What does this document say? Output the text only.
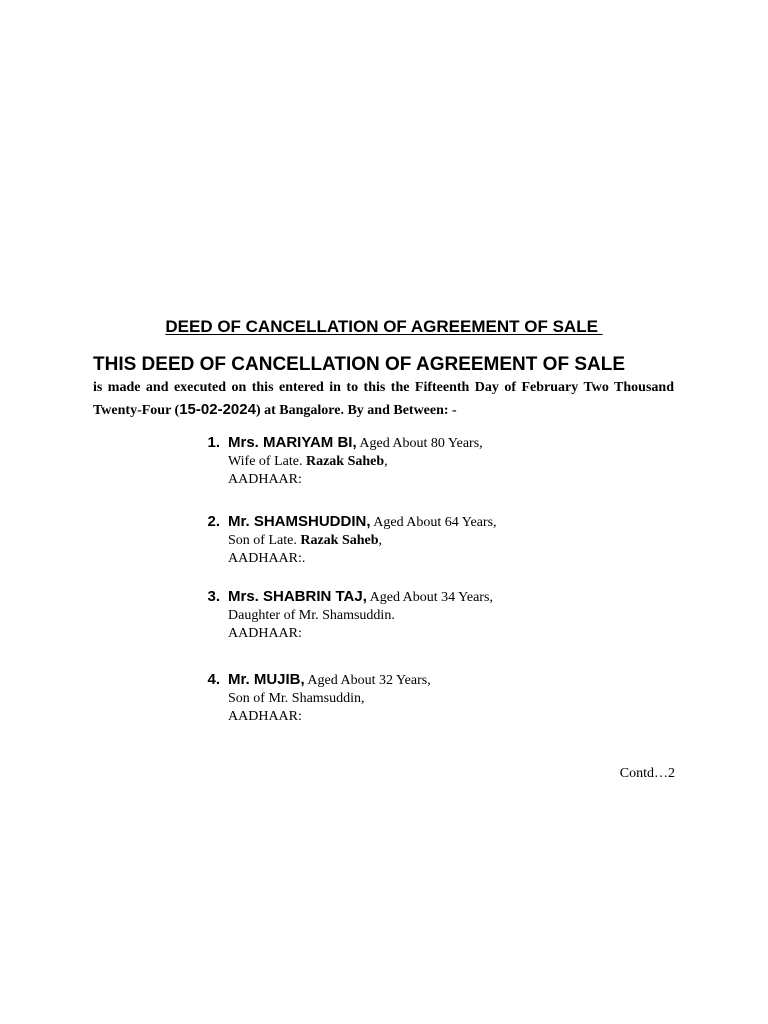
DEED OF CANCELLATION OF AGREEMENT OF SALE
THIS DEED OF CANCELLATION OF AGREEMENT OF SALE
is made and executed on this entered in to this the Fifteenth Day of February Two Thousand Twenty-Four (15-02-2024) at Bangalore. By and Between: -
1. Mrs. MARIYAM BI, Aged About 80 Years,
Wife of Late. Razak Saheb,
AADHAAR:
2. Mr. SHAMSHUDDIN, Aged About 64 Years,
Son of Late. Razak Saheb,
AADHAAR:.
3. Mrs. SHABRIN TAJ, Aged About 34 Years,
Daughter of Mr. Shamsuddin.
AADHAAR:
4. Mr. MUJIB, Aged About 32 Years,
Son of Mr. Shamsuddin,
AADHAAR:
Contd…2
